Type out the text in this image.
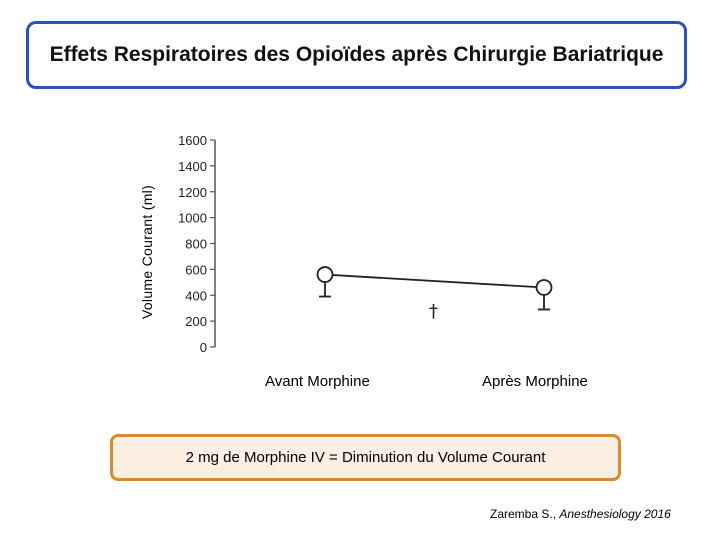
Effets Respiratoires des Opioïdes après Chirurgie Bariatrique
Volume Courant (ml)
0
200
400
600
800
1000
1200
1400
1600
†
Avant Morphine	Après Morphine
2 mg de Morphine IV = Diminution du Volume Courant
Zaremba S., Anesthesiology 2016
